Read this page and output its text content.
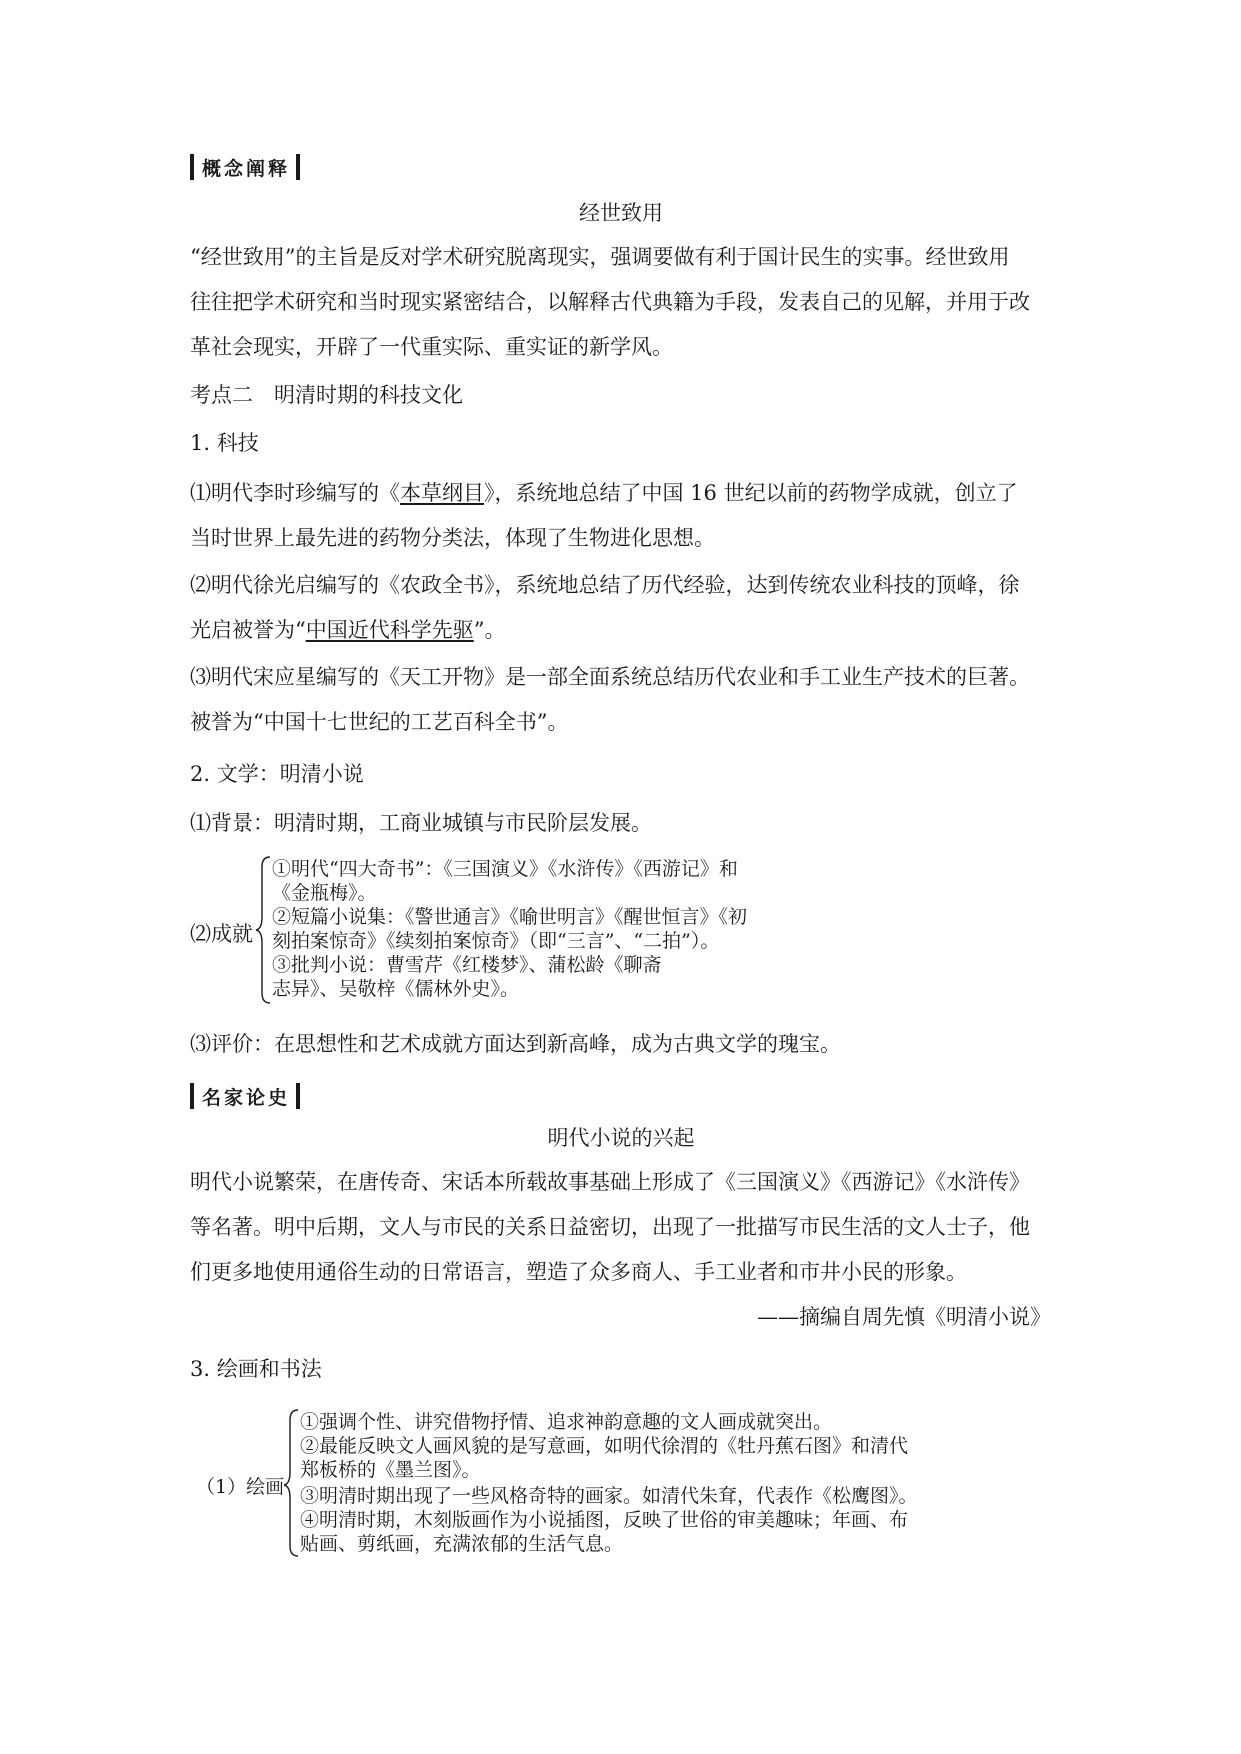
概念阐释
经世致用
“经世致用”的主旨是反对学术研究脱离现实，强调要做有利于国计民生的实事。经世致用
往往把学术研究和当时现实紧密结合，以解释古代典籍为手段，发表自己的见解，并用于改
革社会现实，开辟了一代重实际、重实证的新学风。
考点二　明清时期的科技文化
1. 科技
⑴明代李时珍编写的《本草纲目》，系统地总结了中国 16 世纪以前的药物学成就，创立了
当时世界上最先进的药物分类法，体现了生物进化思想。
⑵明代徐光启编写的《农政全书》，系统地总结了历代经验，达到传统农业科技的顶峰，徐
光启被誉为“中国近代科学先驱”。
⑶明代宋应星编写的《天工开物》是一部全面系统总结历代农业和手工业生产技术的巨著。
被誉为“中国十七世纪的工艺百科全书”。
2. 文学：明清小说
⑴背景：明清时期，工商业城镇与市民阶层发展。
⑵成就
①明代“四大奇书”：《三国演义》《水浒传》《西游记》和
《金瓶梅》。
②短篇小说集：《警世通言》《喻世明言》《醒世恒言》《初
刻拍案惊奇》《续刻拍案惊奇》（即“三言”、“二拍”）。
③批判小说：曹雪芹《红楼梦》、蒲松龄《聊斋
志异》、吴敬梓《儒林外史》。
⑶评价：在思想性和艺术成就方面达到新高峰，成为古典文学的瑰宝。
名家论史
明代小说的兴起
明代小说繁荣，在唐传奇、宋话本所载故事基础上形成了《三国演义》《西游记》《水浒传》
等名著。明中后期，文人与市民的关系日益密切，出现了一批描写市民生活的文人士子，他
们更多地使用通俗生动的日常语言，塑造了众多商人、手工业者和市井小民的形象。
——摘编自周先慎《明清小说》
3. 绘画和书法
（1）绘画
①强调个性、讲究借物抒情、追求神韵意趣的文人画成就突出。
②最能反映文人画风貌的是写意画，如明代徐渭的《牡丹蕉石图》和清代
郑板桥的《墨兰图》。
③明清时期出现了一些风格奇特的画家。如清代朱耷，代表作《松鹰图》。
④明清时期，木刻版画作为小说插图，反映了世俗的审美趣味；年画、布
贴画、剪纸画，充满浓郁的生活气息。
